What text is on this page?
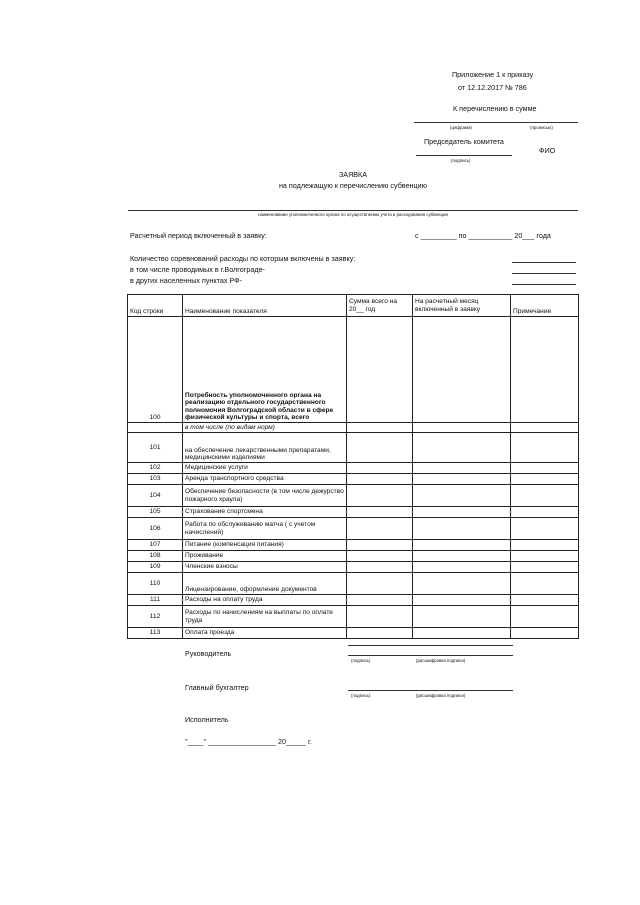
Приложение 1 к приказу
от 12.12.2017 № 786
К перечислению в сумме
(цифрами)	(прописью)
Председатель комитета
ФИО
(подпись)
ЗАЯВКА
на подлежащую к перечислению субвенцию
наименование уполномоченного органа по осуществлению учета и расходования субвенции
Расчетный период включенный в заявку:	с _________ по ___________ 20___ года
Количество соревнований расходы по которым включены в заявку:
в том числе проводимых в г.Волгограде-
в других населенных пунктах РФ-
Код строки	Наименование показателя	Сумма всего на 20__ год	На расчетный месяц включенный в заявку	Примечание
100	Потребность уполномоченного органа на реализацию отдельного государственного полномочия Волгоградской области в сфере физической культуры и спорта, всего			
	в том числе (по видам норм)			
101	на обеспечение лекарственными препаратами, медицинскими изделиями			
102	Медицинские услуги			
103	Аренда транспортного средства			
104	Обеспечение безопасности (в том числе дежурство пожарного храула)			
105	Страхование спортсмена			
106	Работа по обслуживанию матча ( с учетом начислений)			
107	Питание (компенсация питания)			
108	Проживание			
109	Членские взносы			
110	Лицензирование, оформление документов			
111	Расходы на оплату труда			
112	Расходы по начислениям на выплаты по оплате труда			
113	Оплата проезда			
Руководитель
(подпись)	(расшифровка подписи)
Главный бухгалтер
(подпись)	(расшифровка подписи)
Исполнитель
"____" _________________ 20_____ г.
